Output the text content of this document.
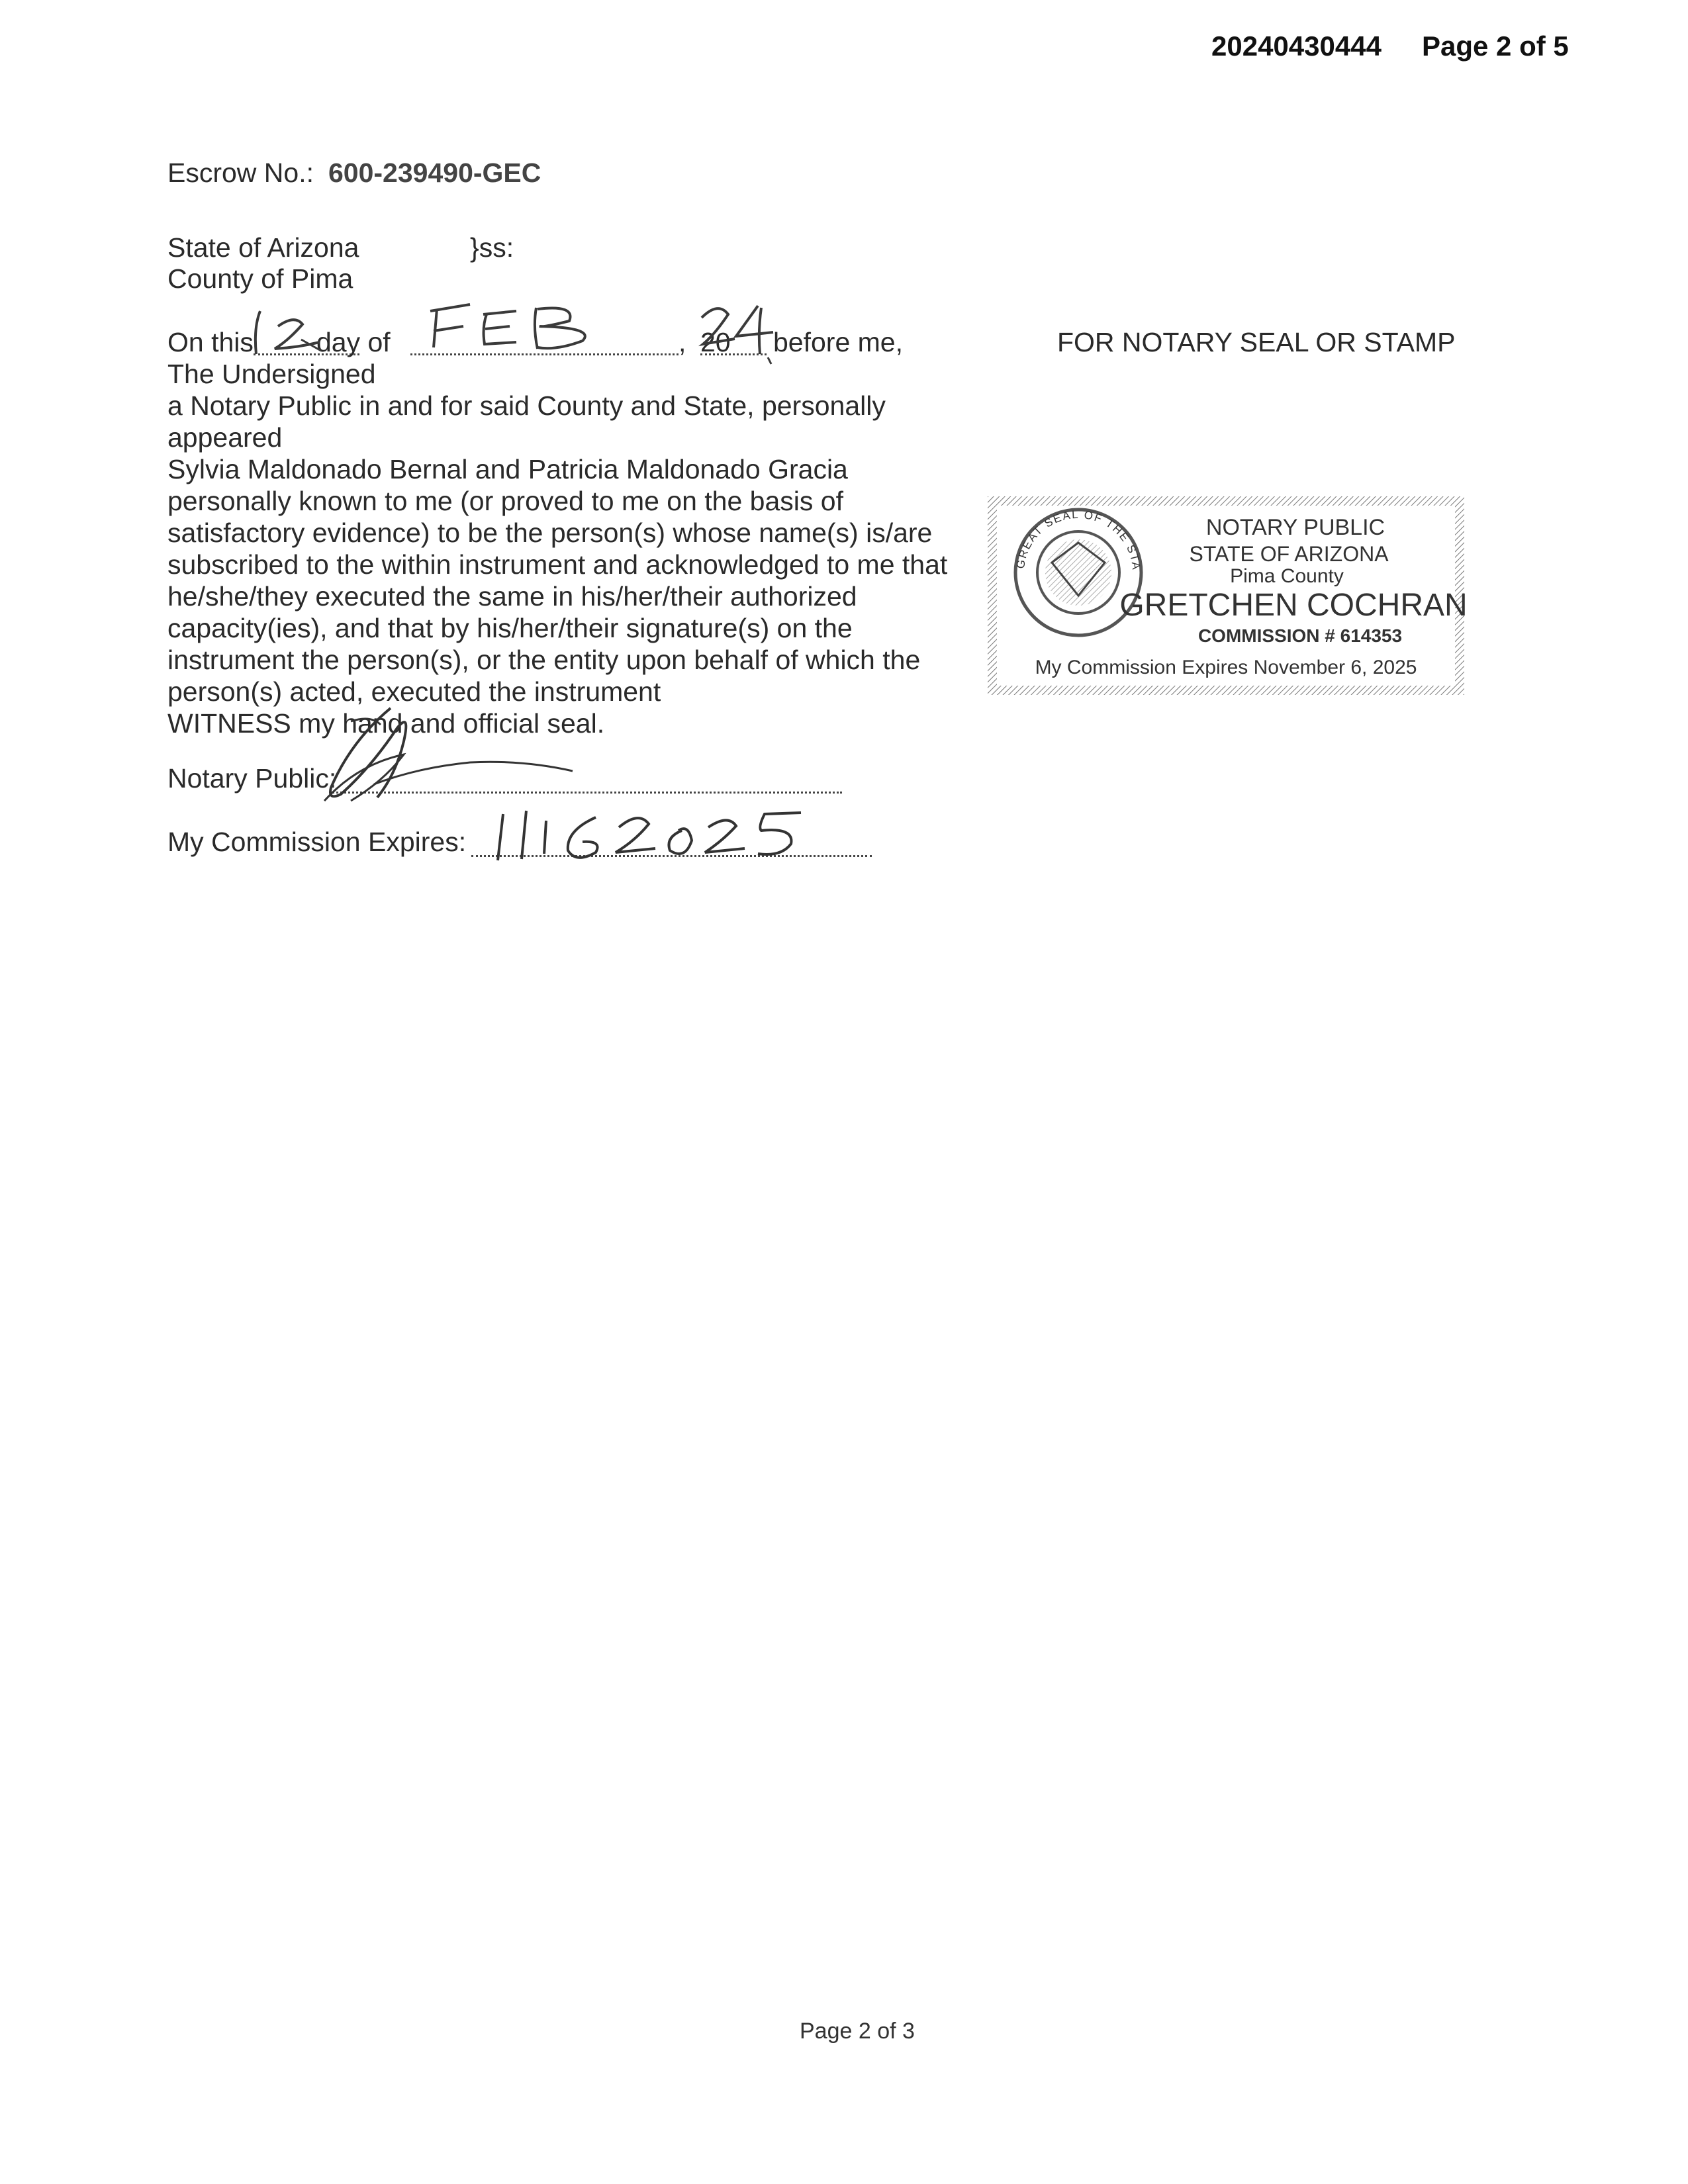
20240430444 Page 2 of 5
Escrow No.: 600-239490-GEC
State of Arizona	}ss:
County of Pima
On this day of	, 20 before me,
The Undersigned
a Notary Public in and for said County and State, personally
appeared
Sylvia Maldonado Bernal and Patricia Maldonado Gracia
personally known to me (or proved to me on the basis of
satisfactory evidence) to be the person(s) whose name(s) is/are
subscribed to the within instrument and acknowledged to me that
he/she/they executed the same in his/her/their authorized
capacity(ies), and that by his/her/their signature(s) on the
instrument the person(s), or the entity upon behalf of which the
person(s) acted, executed the instrument
WITNESS my hand and official seal.
Notary Public:
My Commission Expires:
FOR NOTARY SEAL OR STAMP
GREAT SEAL OF THE STATE OF ARIZONA 1912
NOTARY PUBLIC
STATE OF ARIZONA
Pima County
GRETCHEN COCHRAN
COMMISSION # 614353
My Commission Expires November 6, 2025
Page 2 of 3
